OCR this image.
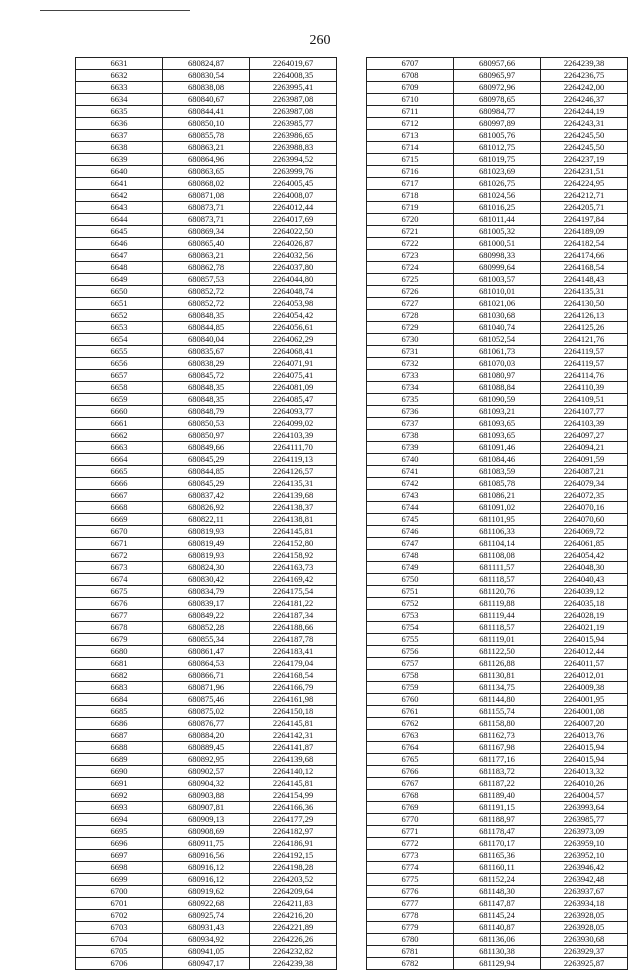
260
6631	680824,87	2264019,67
6632	680830,54	2264008,35
6633	680838,08	2263995,41
6634	680840,67	2263987,08
6635	680844,41	2263987,08
6636	680850,10	2263985,77
6637	680855,78	2263986,65
6638	680863,21	2263988,83
6639	680864,96	2263994,52
6640	680863,65	2263999,76
6641	680868,02	2264005,45
6642	680871,08	2264008,07
6643	680873,71	2264012,44
6644	680873,71	2264017,69
6645	680869,34	2264022,50
6646	680865,40	2264026,87
6647	680863,21	2264032,56
6648	680862,78	2264037,80
6649	680857,53	2264044,80
6650	680852,72	2264048,74
6651	680852,72	2264053,98
6652	680848,35	2264054,42
6653	680844,85	2264056,61
6654	680840,04	2264062,29
6655	680835,67	2264068,41
6656	680838,29	2264071,91
6657	680845,72	2264075,41
6658	680848,35	2264081,09
6659	680848,35	2264085,47
6660	680848,79	2264093,77
6661	680850,53	2264099,02
6662	680850,97	2264103,39
6663	680849,66	2264111,70
6664	680845,29	2264119,13
6665	680844,85	2264126,57
6666	680845,29	2264135,31
6667	680837,42	2264139,68
6668	680826,92	2264138,37
6669	680822,11	2264138,81
6670	680819,93	2264145,81
6671	680819,49	2264152,80
6672	680819,93	2264158,92
6673	680824,30	2264163,73
6674	680830,42	2264169,42
6675	680834,79	2264175,54
6676	680839,17	2264181,22
6677	680849,22	2264187,34
6678	680852,28	2264188,66
6679	680855,34	2264187,78
6680	680861,47	2264183,41
6681	680864,53	2264179,04
6682	680866,71	2264168,54
6683	680871,96	2264166,79
6684	680875,46	2264161,98
6685	680875,02	2264150,18
6686	680876,77	2264145,81
6687	680884,20	2264142,31
6688	680889,45	2264141,87
6689	680892,95	2264139,68
6690	680902,57	2264140,12
6691	680904,32	2264145,81
6692	680903,88	2264154,99
6693	680907,81	2264166,36
6694	680909,13	2264177,29
6695	680908,69	2264182,97
6696	680911,75	2264186,91
6697	680916,56	2264192,15
6698	680916,12	2264198,28
6699	680916,12	2264203,52
6700	680919,62	2264209,64
6701	680922,68	2264211,83
6702	680925,74	2264216,20
6703	680931,43	2264221,89
6704	680934,92	2264226,26
6705	680941,05	2264232,82
6706	680947,17	2264239,38
6707	680957,66	2264239,38
6708	680965,97	2264236,75
6709	680972,96	2264242,00
6710	680978,65	2264246,37
6711	680984,77	2264244,19
6712	680997,89	2264243,31
6713	681005,76	2264245,50
6714	681012,75	2264245,50
6715	681019,75	2264237,19
6716	681023,69	2264231,51
6717	681026,75	2264224,95
6718	681024,56	2264212,71
6719	681016,25	2264205,71
6720	681011,44	2264197,84
6721	681005,32	2264189,09
6722	681000,51	2264182,54
6723	680998,33	2264174,66
6724	680999,64	2264168,54
6725	681003,57	2264148,43
6726	681010,01	2264135,31
6727	681021,06	2264130,50
6728	681030,68	2264126,13
6729	681040,74	2264125,26
6730	681052,54	2264121,76
6731	681061,73	2264119,57
6732	681070,03	2264119,57
6733	681080,97	2264114,76
6734	681088,84	2264110,39
6735	681090,59	2264109,51
6736	681093,21	2264107,77
6737	681093,65	2264103,39
6738	681093,65	2264097,27
6739	681091,46	2264094,21
6740	681084,46	2264091,59
6741	681083,59	2264087,21
6742	681085,78	2264079,34
6743	681086,21	2264072,35
6744	681091,02	2264070,16
6745	681101,95	2264070,60
6746	681106,33	2264069,72
6747	681104,14	2264061,85
6748	681108,08	2264054,42
6749	681111,57	2264048,30
6750	681118,57	2264040,43
6751	681120,76	2264039,12
6752	681119,88	2264035,18
6753	681119,44	2264028,19
6754	681118,57	2264021,19
6755	681119,01	2264015,94
6756	681122,50	2264012,44
6757	681126,88	2264011,57
6758	681130,81	2264012,01
6759	681134,75	2264009,38
6760	681144,80	2264001,95
6761	681155,74	2264001,08
6762	681158,80	2264007,20
6763	681162,73	2264013,76
6764	681167,98	2264015,94
6765	681177,16	2264015,94
6766	681183,72	2264013,32
6767	681187,22	2264010,26
6768	681189,40	2264004,57
6769	681191,15	2263993,64
6770	681188,97	2263985,77
6771	681178,47	2263973,09
6772	681170,17	2263959,10
6773	681165,36	2263952,10
6774	681160,11	2263946,42
6775	681152,24	2263942,48
6776	681148,30	2263937,67
6777	681147,87	2263934,18
6778	681145,24	2263928,05
6779	681140,87	2263928,05
6780	681136,06	2263930,68
6781	681130,38	2263929,37
6782	681129,94	2263925,87
